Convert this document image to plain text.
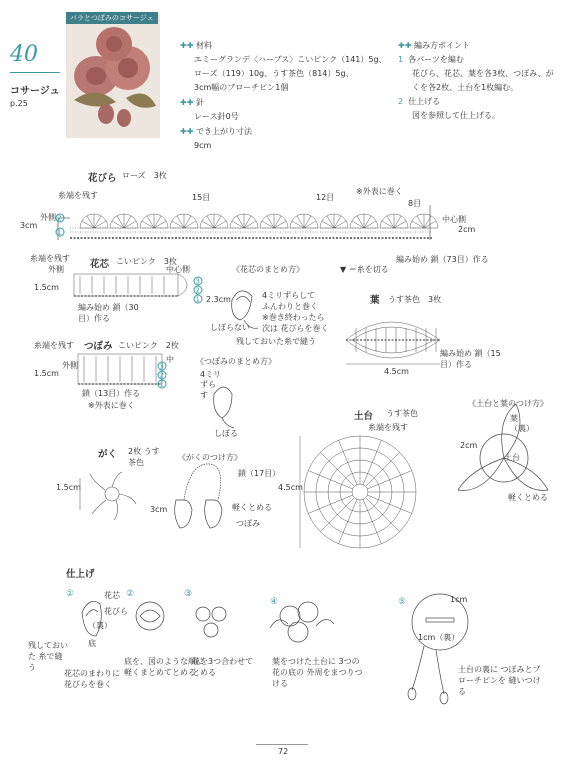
バラとつぼみのコサージュ
40
コサージュ
p.25
✚✚ 材料
エミーグランデ〈ハーブス〉こいピンク（141）5g、
ローズ（119）10g、うす茶色（814）5g、
3cm幅のブローチピン1個
✚✚ 針
レース針0号
✚✚ でき上がり寸法
9cm
✚✚ 編み方ポイント
1 各パーツを編む
花びら、花芯、葉を各3枚、つぼみ、が
くを各2枚、土台を1枚編む。
2 仕上げる
図を参照して仕上げる。
花びら ローズ　3枚
※外表に巻く
糸端を残す	15目	12目
8目
外側
3cm
中心側
2cm
編み始め 鎖（73目）作る
2
1
花芯 こいピンク　3枚
糸端を残す
外側	中心側
1.5cm
編み始め 鎖（30目）作る
3
2
1
《花芯のまとめ方》
4ミリずらして ふんわりと巻く
2.3cm
※巻き終わったら次は 花びらを巻く
しぼらない
残しておいた糸で縫う
▼ ＝糸を切る
葉 うす茶色　3枚
編み始め 鎖（15目）作る
4.5cm
つぼみ こいピンク　2枚
糸端を残す
外側
中
1.5cm
鎖（13目）作る
※外表に巻く
3
2
1
《つぼみのまとめ方》
4ミリずらす
しぼる
土台 うす茶色
糸端を残す
4.5cm
《土台と葉のつけ方》
葉（裏）
2cm
土台
軽くとめる
がく 2枚 うす茶色
1.5cm
《がくのつけ方》
鎖（17目）
軽くとめる
つぼみ
3cm
仕上げ
①	花芯
花びら
（裏）
底
残しておいた 糸で縫う
花芯のまわりに 花びらを巻く
②
底を、図のような順に 軽くまとめてとめる
③
花を3つ合わせて とめる
④
葉をつけた土台に 3つの花の底の 外周をまつりつける
⑤	1cm
1cm（裏）
土台の裏に つぼみとブローチピンを 縫いつける
72
